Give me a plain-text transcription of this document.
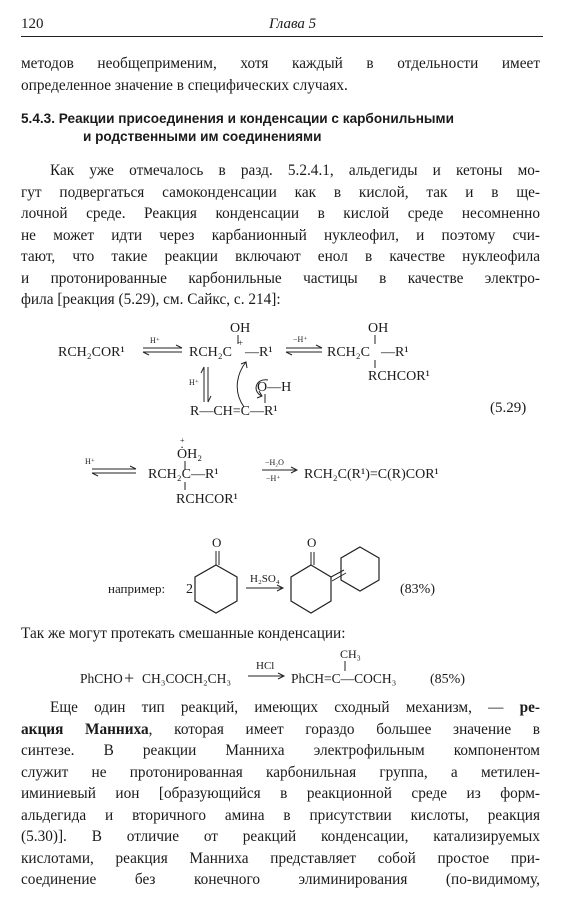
120	Глава 5
методов необщеприменим, хотя каждый в отдельности имеет
определенное значение в специфических случаях.
5.4.3. Реакции присоединения и конденсации с карбонильными
и родственными им соединениями
Как уже отмечалось в разд. 5.2.4.1, альдегиды и кетоны мо-
гут подвергаться самоконденсации как в кислой, так и в ще-
лочной среде. Реакция конденсации в кислой среде несомненно
не может идти через карбанионный нуклеофил, и поэтому счи-
тают, что такие реакции включают енол в качестве нуклеофила
и протонированные карбонильные частицы в качестве электро-
фила [реакция (5.29), см. Сайкс, с. 214]:
RCH₂COR¹
H⁺
OH
RCH₂C
+
—R¹
−H⁺
OH
RCH₂C —R¹
RCHCOR¹
H⁺	O—H
R—CH=C—R¹	(5.29)
+
ȮH₂
H⁺
RCH₂C —R¹
RCHCOR¹
−H₂O
−H⁺ RCH₂C(R¹)=C(R)COR¹
например: 2
O
H₂SO₄
O
(83%)
Так же могут протекать смешанные конденсации:
PhCHO + CH₃COCH₂CH₃
HCl
CH₃
PhCH=C—COCH₃ (85%)
Еще один тип реакций, имеющих сходный механизм, — ре-
акция Манниха, которая имеет гораздо большее значение в
синтезе. В реакции Манниха электрофильным компонентом
служит не протонированная карбонильная группа, а метилен-
иминиевый ион [образующийся в реакционной среде из форм-
альдегида и вторичного амина в присутствии кислоты, реакция
(5.30)]. В отличие от реакций конденсации, катализируемых
кислотами, реакция Манниха представляет собой простое при-
соединение без конечного элиминирования (по-видимому,
